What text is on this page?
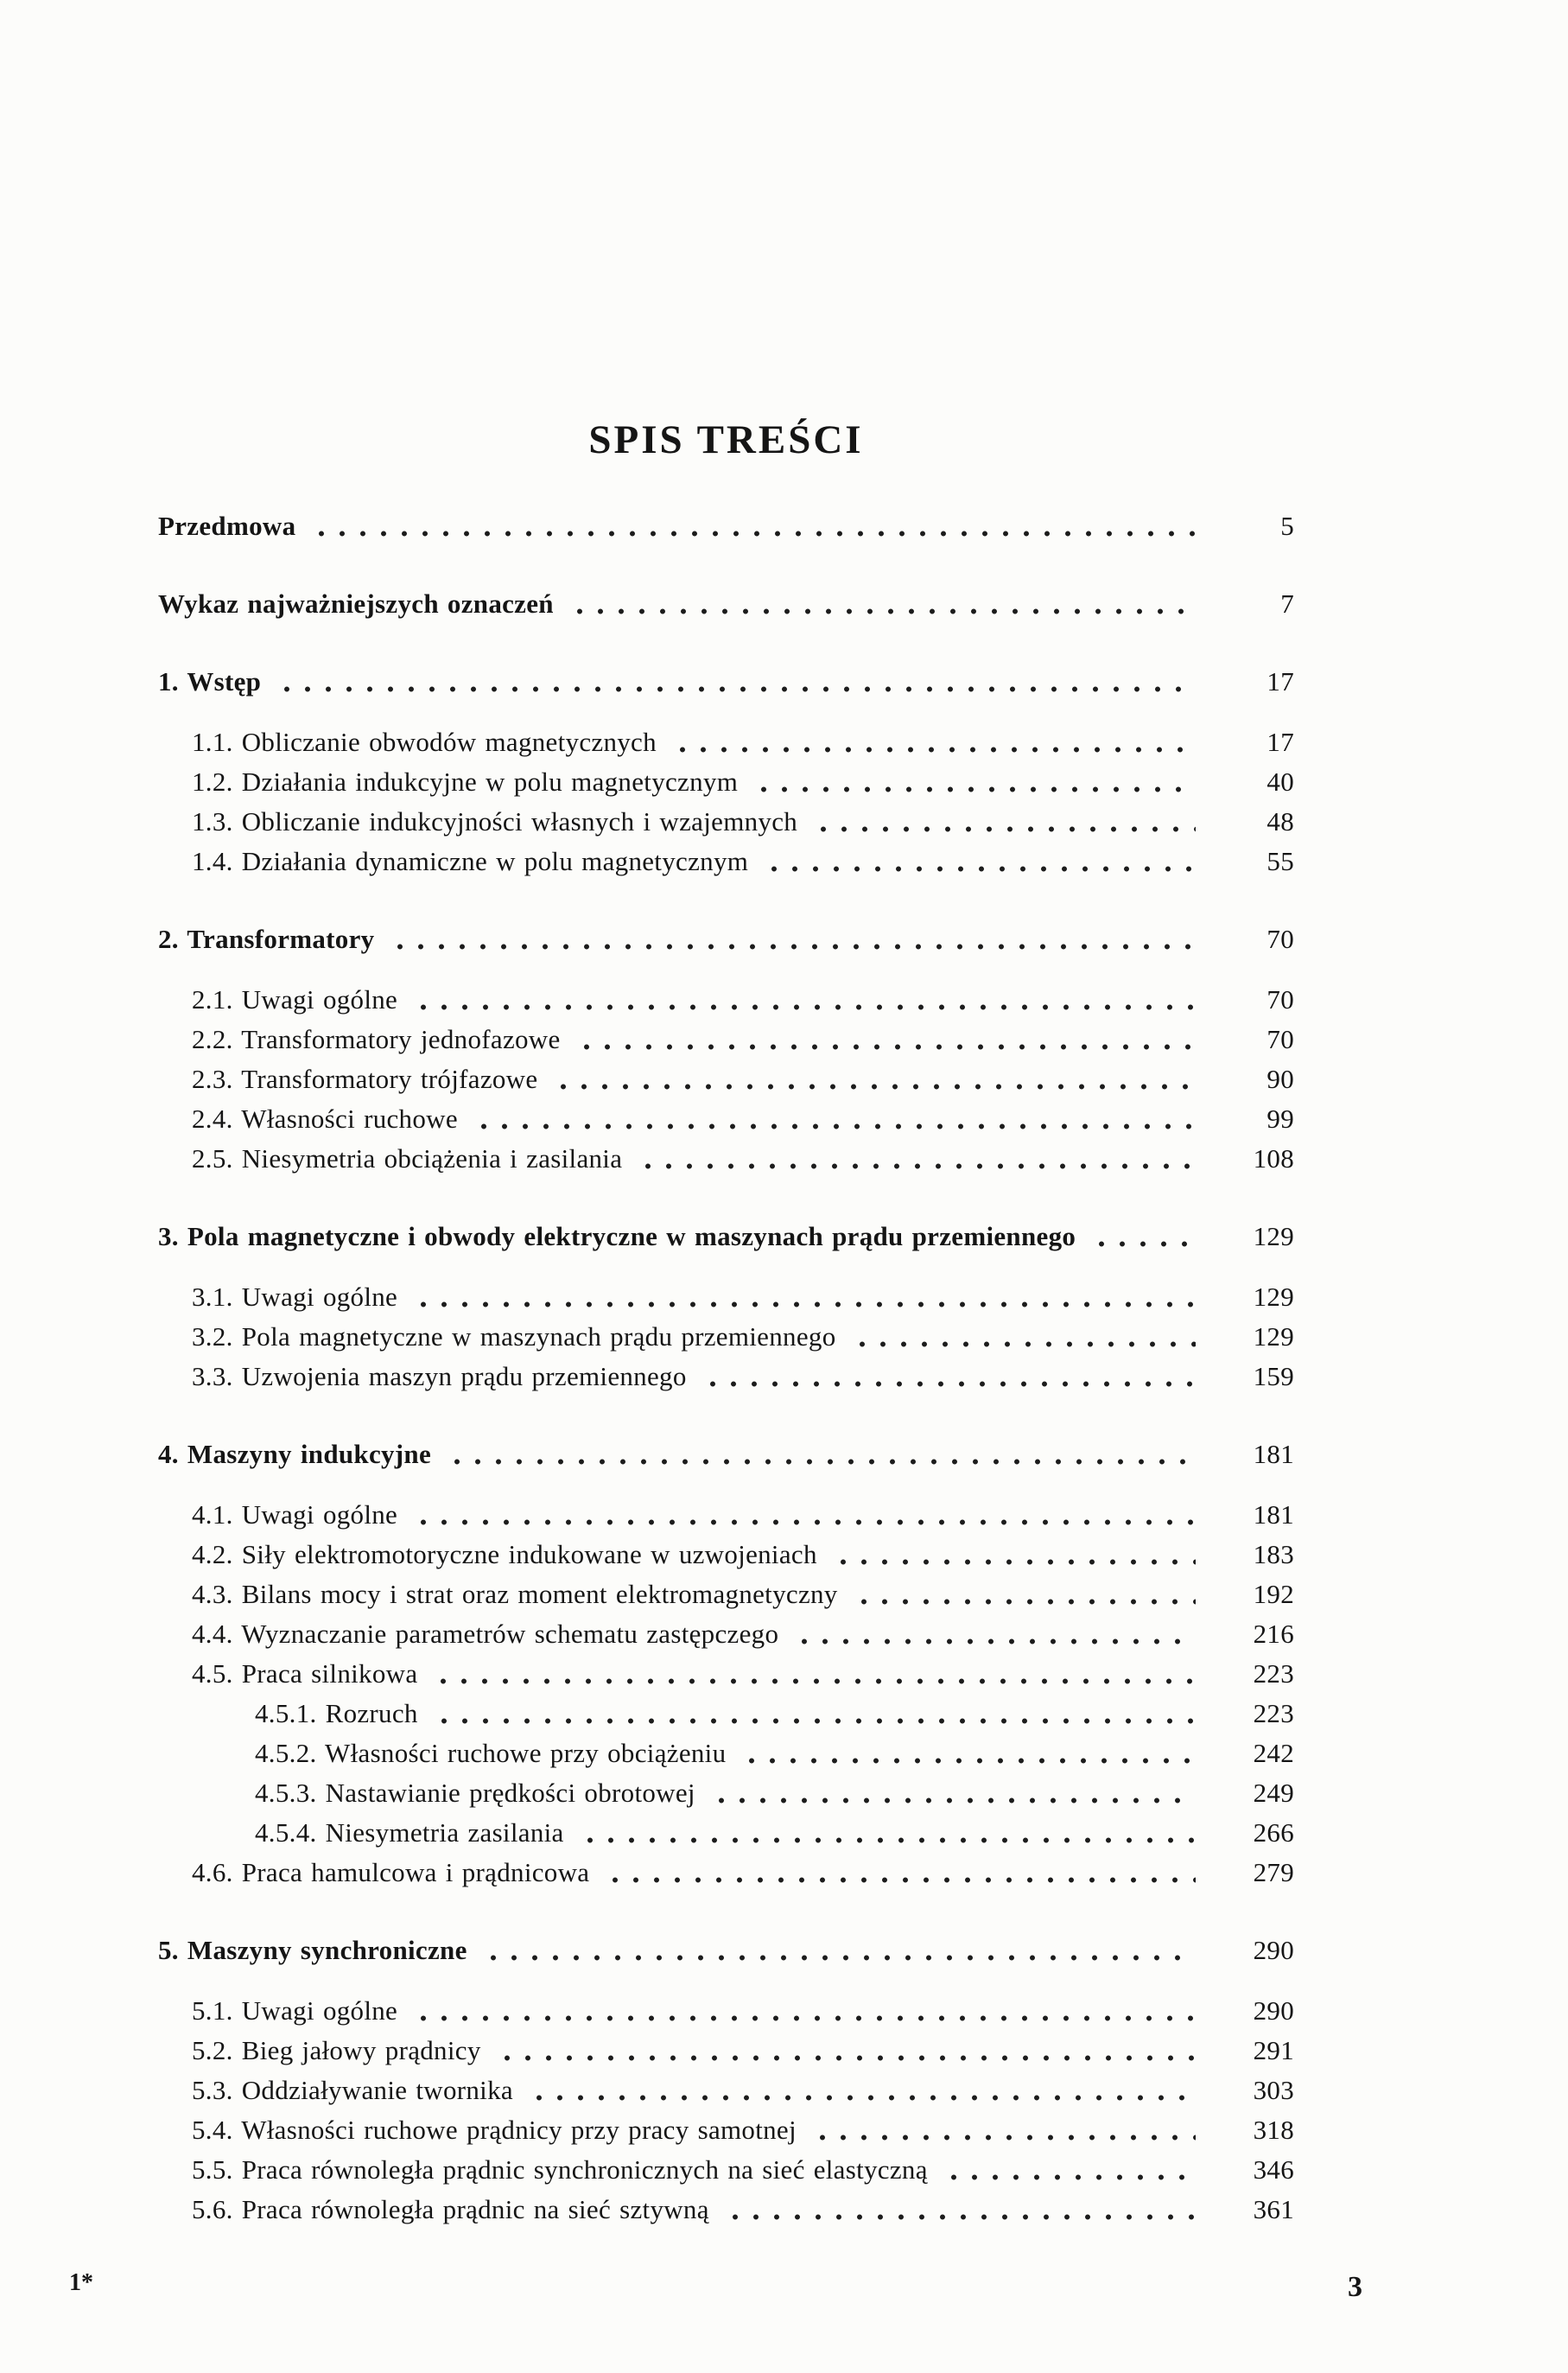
SPIS TREŚCI
Przedmowa	5
Wykaz najważniejszych oznaczeń	7
1. Wstęp	17
1.1. Obliczanie obwodów magnetycznych	17
1.2. Działania indukcyjne w polu magnetycznym	40
1.3. Obliczanie indukcyjności własnych i wzajemnych	48
1.4. Działania dynamiczne w polu magnetycznym	55
2. Transformatory	70
2.1. Uwagi ogólne	70
2.2. Transformatory jednofazowe	70
2.3. Transformatory trójfazowe	90
2.4. Własności ruchowe	99
2.5. Niesymetria obciążenia i zasilania	108
3. Pola magnetyczne i obwody elektryczne w maszynach prądu przemiennego	129
3.1. Uwagi ogólne	129
3.2. Pola magnetyczne w maszynach prądu przemiennego	129
3.3. Uzwojenia maszyn prądu przemiennego	159
4. Maszyny indukcyjne	181
4.1. Uwagi ogólne	181
4.2. Siły elektromotoryczne indukowane w uzwojeniach	183
4.3. Bilans mocy i strat oraz moment elektromagnetyczny	192
4.4. Wyznaczanie parametrów schematu zastępczego	216
4.5. Praca silnikowa	223
4.5.1. Rozruch	223
4.5.2. Własności ruchowe przy obciążeniu	242
4.5.3. Nastawianie prędkości obrotowej	249
4.5.4. Niesymetria zasilania	266
4.6. Praca hamulcowa i prądnicowa	279
5. Maszyny synchroniczne	290
5.1. Uwagi ogólne	290
5.2. Bieg jałowy prądnicy	291
5.3. Oddziaływanie twornika	303
5.4. Własności ruchowe prądnicy przy pracy samotnej	318
5.5. Praca równoległa prądnic synchronicznych na sieć elastyczną	346
5.6. Praca równoległa prądnic na sieć sztywną	361
1*	3
